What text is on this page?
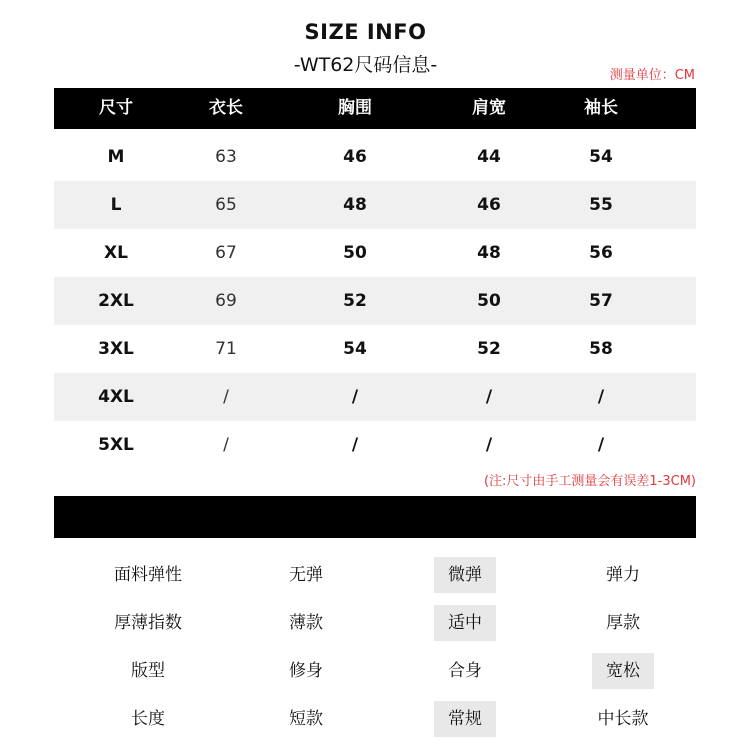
SIZE INFO
-WT62尺码信息-	测量单位：CM
尺寸	衣长	胸围	肩宽	袖长
M	63	46	44	54
L	65	48	46	55
XL	67	50	48	56
2XL	69	52	50	57
3XL	71	54	52	58
4XL	/	/	/	/
5XL	/	/	/	/
(注:尺寸由手工测量会有误差1-3CM)
面料弹性	无弹	微弹	弹力
厚薄指数	薄款	适中	厚款
版型	修身	合身	宽松
长度	短款	常规	中长款
